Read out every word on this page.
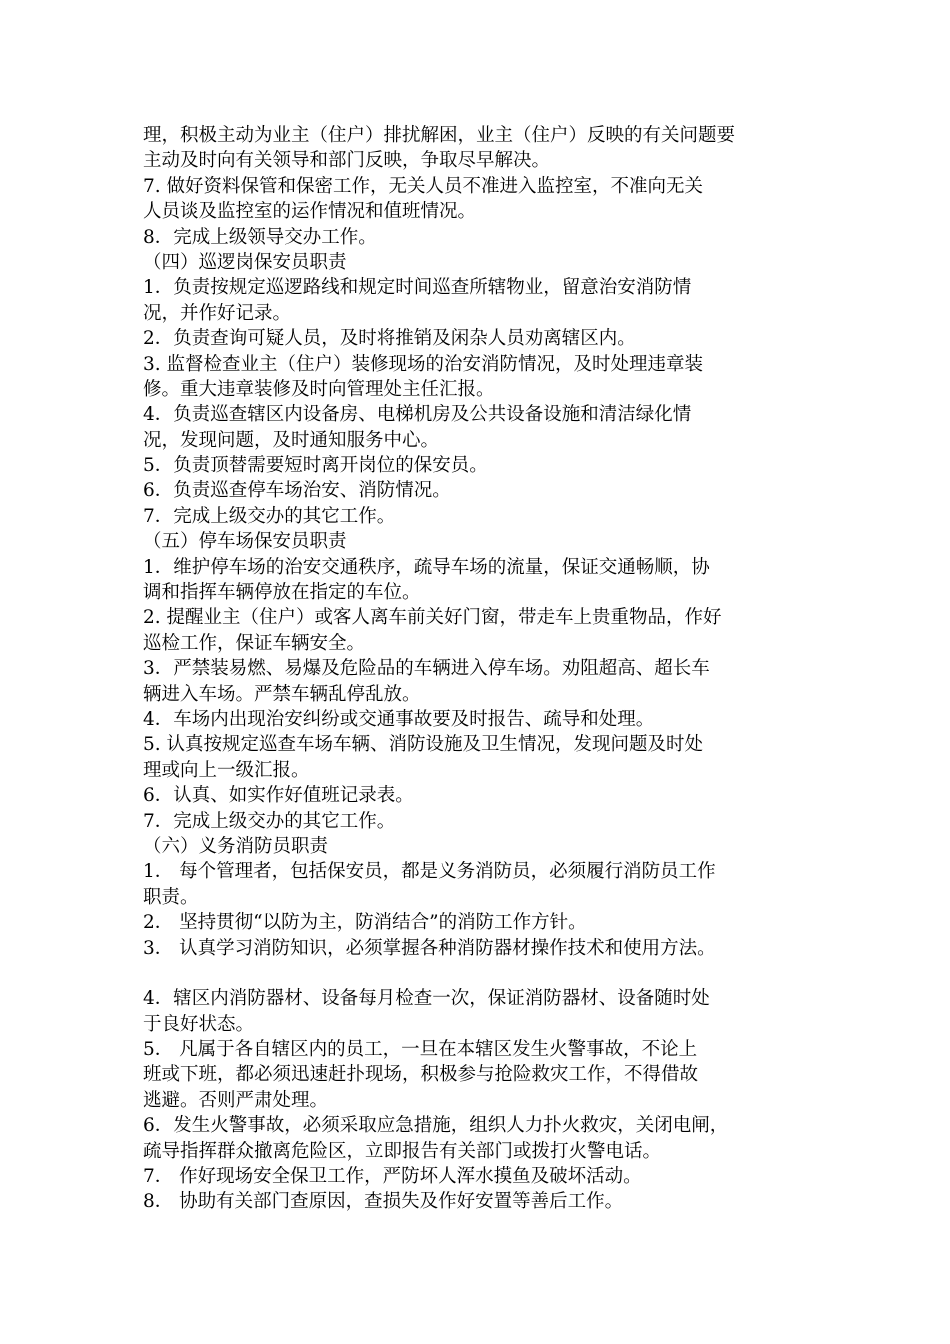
理，积极主动为业主（住户）排扰解困，业主（住户）反映的有关问题要
主动及时向有关领导和部门反映，争取尽早解决。
7. 做好资料保管和保密工作，无关人员不准进入监控室，不准向无关
人员谈及监控室的运作情况和值班情况。
8．完成上级领导交办工作。
（四）巡逻岗保安员职责
1．负责按规定巡逻路线和规定时间巡查所辖物业，留意治安消防情
况，并作好记录。
2．负责查询可疑人员，及时将推销及闲杂人员劝离辖区内。
3. 监督检查业主（住户）装修现场的治安消防情况，及时处理违章装
修。重大违章装修及时向管理处主任汇报。
4．负责巡查辖区内设备房、电梯机房及公共设备设施和清洁绿化情
况，发现问题，及时通知服务中心。
5．负责顶替需要短时离开岗位的保安员。
6．负责巡查停车场治安、消防情况。
7．完成上级交办的其它工作。
（五）停车场保安员职责
1．维护停车场的治安交通秩序，疏导车场的流量，保证交通畅顺，协
调和指挥车辆停放在指定的车位。
2. 提醒业主（住户）或客人离车前关好门窗，带走车上贵重物品，作好
巡检工作，保证车辆安全。
3．严禁装易燃、易爆及危险品的车辆进入停车场。劝阻超高、超长车
辆进入车场。严禁车辆乱停乱放。
4．车场内出现治安纠纷或交通事故要及时报告、疏导和处理。
5. 认真按规定巡查车场车辆、消防设施及卫生情况，发现问题及时处
理或向上一级汇报。
6．认真、如实作好值班记录表。
7．完成上级交办的其它工作。
（六）义务消防员职责
1． 每个管理者，包括保安员，都是义务消防员，必须履行消防员工作
职责。
2． 坚持贯彻“以防为主，防消结合”的消防工作方针。
3． 认真学习消防知识，必须掌握各种消防器材操作技术和使用方法。
4．辖区内消防器材、设备每月检查一次，保证消防器材、设备随时处
于良好状态。
5． 凡属于各自辖区内的员工，一旦在本辖区发生火警事故，不论上
班或下班，都必须迅速赶扑现场，积极参与抢险救灾工作，不得借故
逃避。否则严肃处理。
6．发生火警事故，必须采取应急措施，组织人力扑火救灾，关闭电闸，
疏导指挥群众撤离危险区，立即报告有关部门或拨打火警电话。
7． 作好现场安全保卫工作，严防坏人浑水摸鱼及破坏活动。
8． 协助有关部门查原因，查损失及作好安置等善后工作。
